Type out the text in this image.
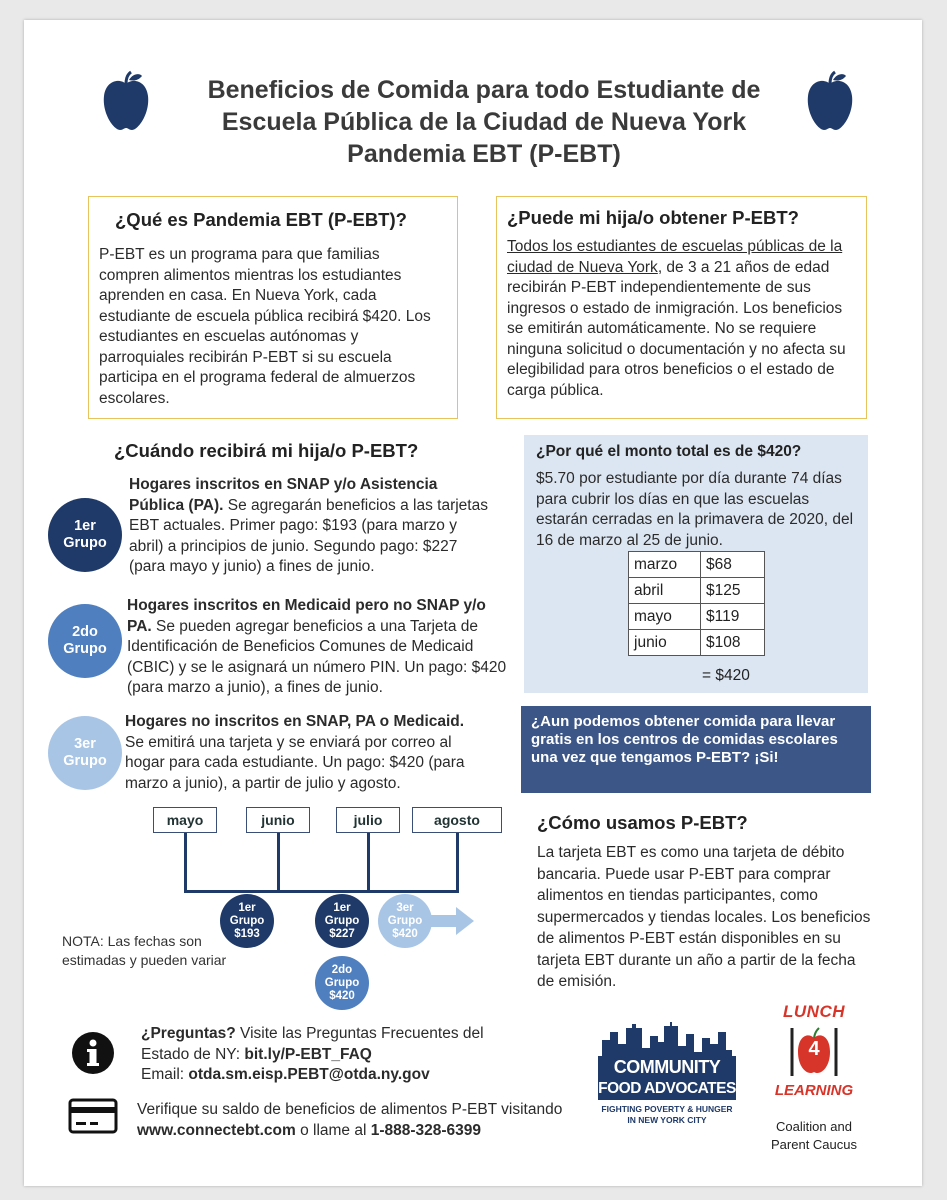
Beneficios de Comida para todo Estudiante de
Escuela Pública de la Ciudad de Nueva York
Pandemia EBT (P-EBT)
¿Qué es Pandemia EBT (P-EBT)?
P-EBT es un programa para que familias compren alimentos mientras los estudiantes aprenden en casa. En Nueva York, cada estudiante de escuela pública recibirá $420. Los estudiantes en escuelas autónomas y parroquiales recibirán P-EBT si su escuela participa en el programa federal de almuerzos escolares.
¿Puede mi hija/o obtener P-EBT?
Todos los estudiantes de escuelas públicas de la ciudad de Nueva York, de 3 a 21 años de edad recibirán P-EBT independientemente de sus ingresos o estado de inmigración. Los beneficios se emitirán automáticamente. No se requiere ninguna solicitud o documentación y no afecta su elegibilidad para otros beneficios o el estado de carga pública.
¿Cuándo recibirá mi hija/o P-EBT?
1er
Grupo
Hogares inscritos en SNAP y/o Asistencia Pública (PA). Se agregarán beneficios a las tarjetas EBT actuales. Primer pago: $193 (para marzo y abril) a principios de junio. Segundo pago: $227 (para mayo y junio) a fines de junio.
2do
Grupo
Hogares inscritos en Medicaid pero no SNAP y/o PA. Se pueden agregar beneficios a una Tarjeta de Identificación de Beneficios Comunes de Medicaid (CBIC) y se le asignará un número PIN. Un pago: $420 (para marzo a junio), a fines de junio.
3er
Grupo
Hogares no inscritos en SNAP, PA o Medicaid. Se emitirá una tarjeta y se enviará por correo al hogar para cada estudiante. Un pago: $420 (para marzo a junio), a partir de julio y agosto.
mayo	junio	julio	agosto
1er
Grupo
$193
1er
Grupo
$227
3er
Grupo
$420
2do
Grupo
$420
NOTA: Las fechas son estimadas y pueden variar
¿Por qué el monto total es de $420?
$5.70 por estudiante por día durante 74 días para cubrir los días en que las escuelas estarán cerradas en la primavera de 2020, del 16 de marzo al 25 de junio.
marzo	$68
abril	$125
mayo	$119
junio	$108
= $420
¿Aun podemos obtener comida para llevar gratis en los centros de comidas escolares una vez que tengamos P-EBT? ¡Si!
¿Cómo usamos P-EBT?
La tarjeta EBT es como una tarjeta de débito bancaria. Puede usar P-EBT para comprar alimentos en tiendas participantes, como supermercados y tiendas locales. Los beneficios de alimentos P-EBT están disponibles en su tarjeta EBT durante un año a partir de la fecha de emisión.
¿Preguntas? Visite las Preguntas Frecuentes del Estado de NY: bit.ly/P-EBT_FAQ
Email: otda.sm.eisp.PEBT@otda.ny.gov
Verifique su saldo de beneficios de alimentos P-EBT visitando
www.connectebt.com o llame al 1-888-328-6399
COMMUNITY
FOOD ADVOCATES
FIGHTING POVERTY & HUNGER
IN NEW YORK CITY
LUNCH
4
LEARNING
Coalition and
Parent Caucus
